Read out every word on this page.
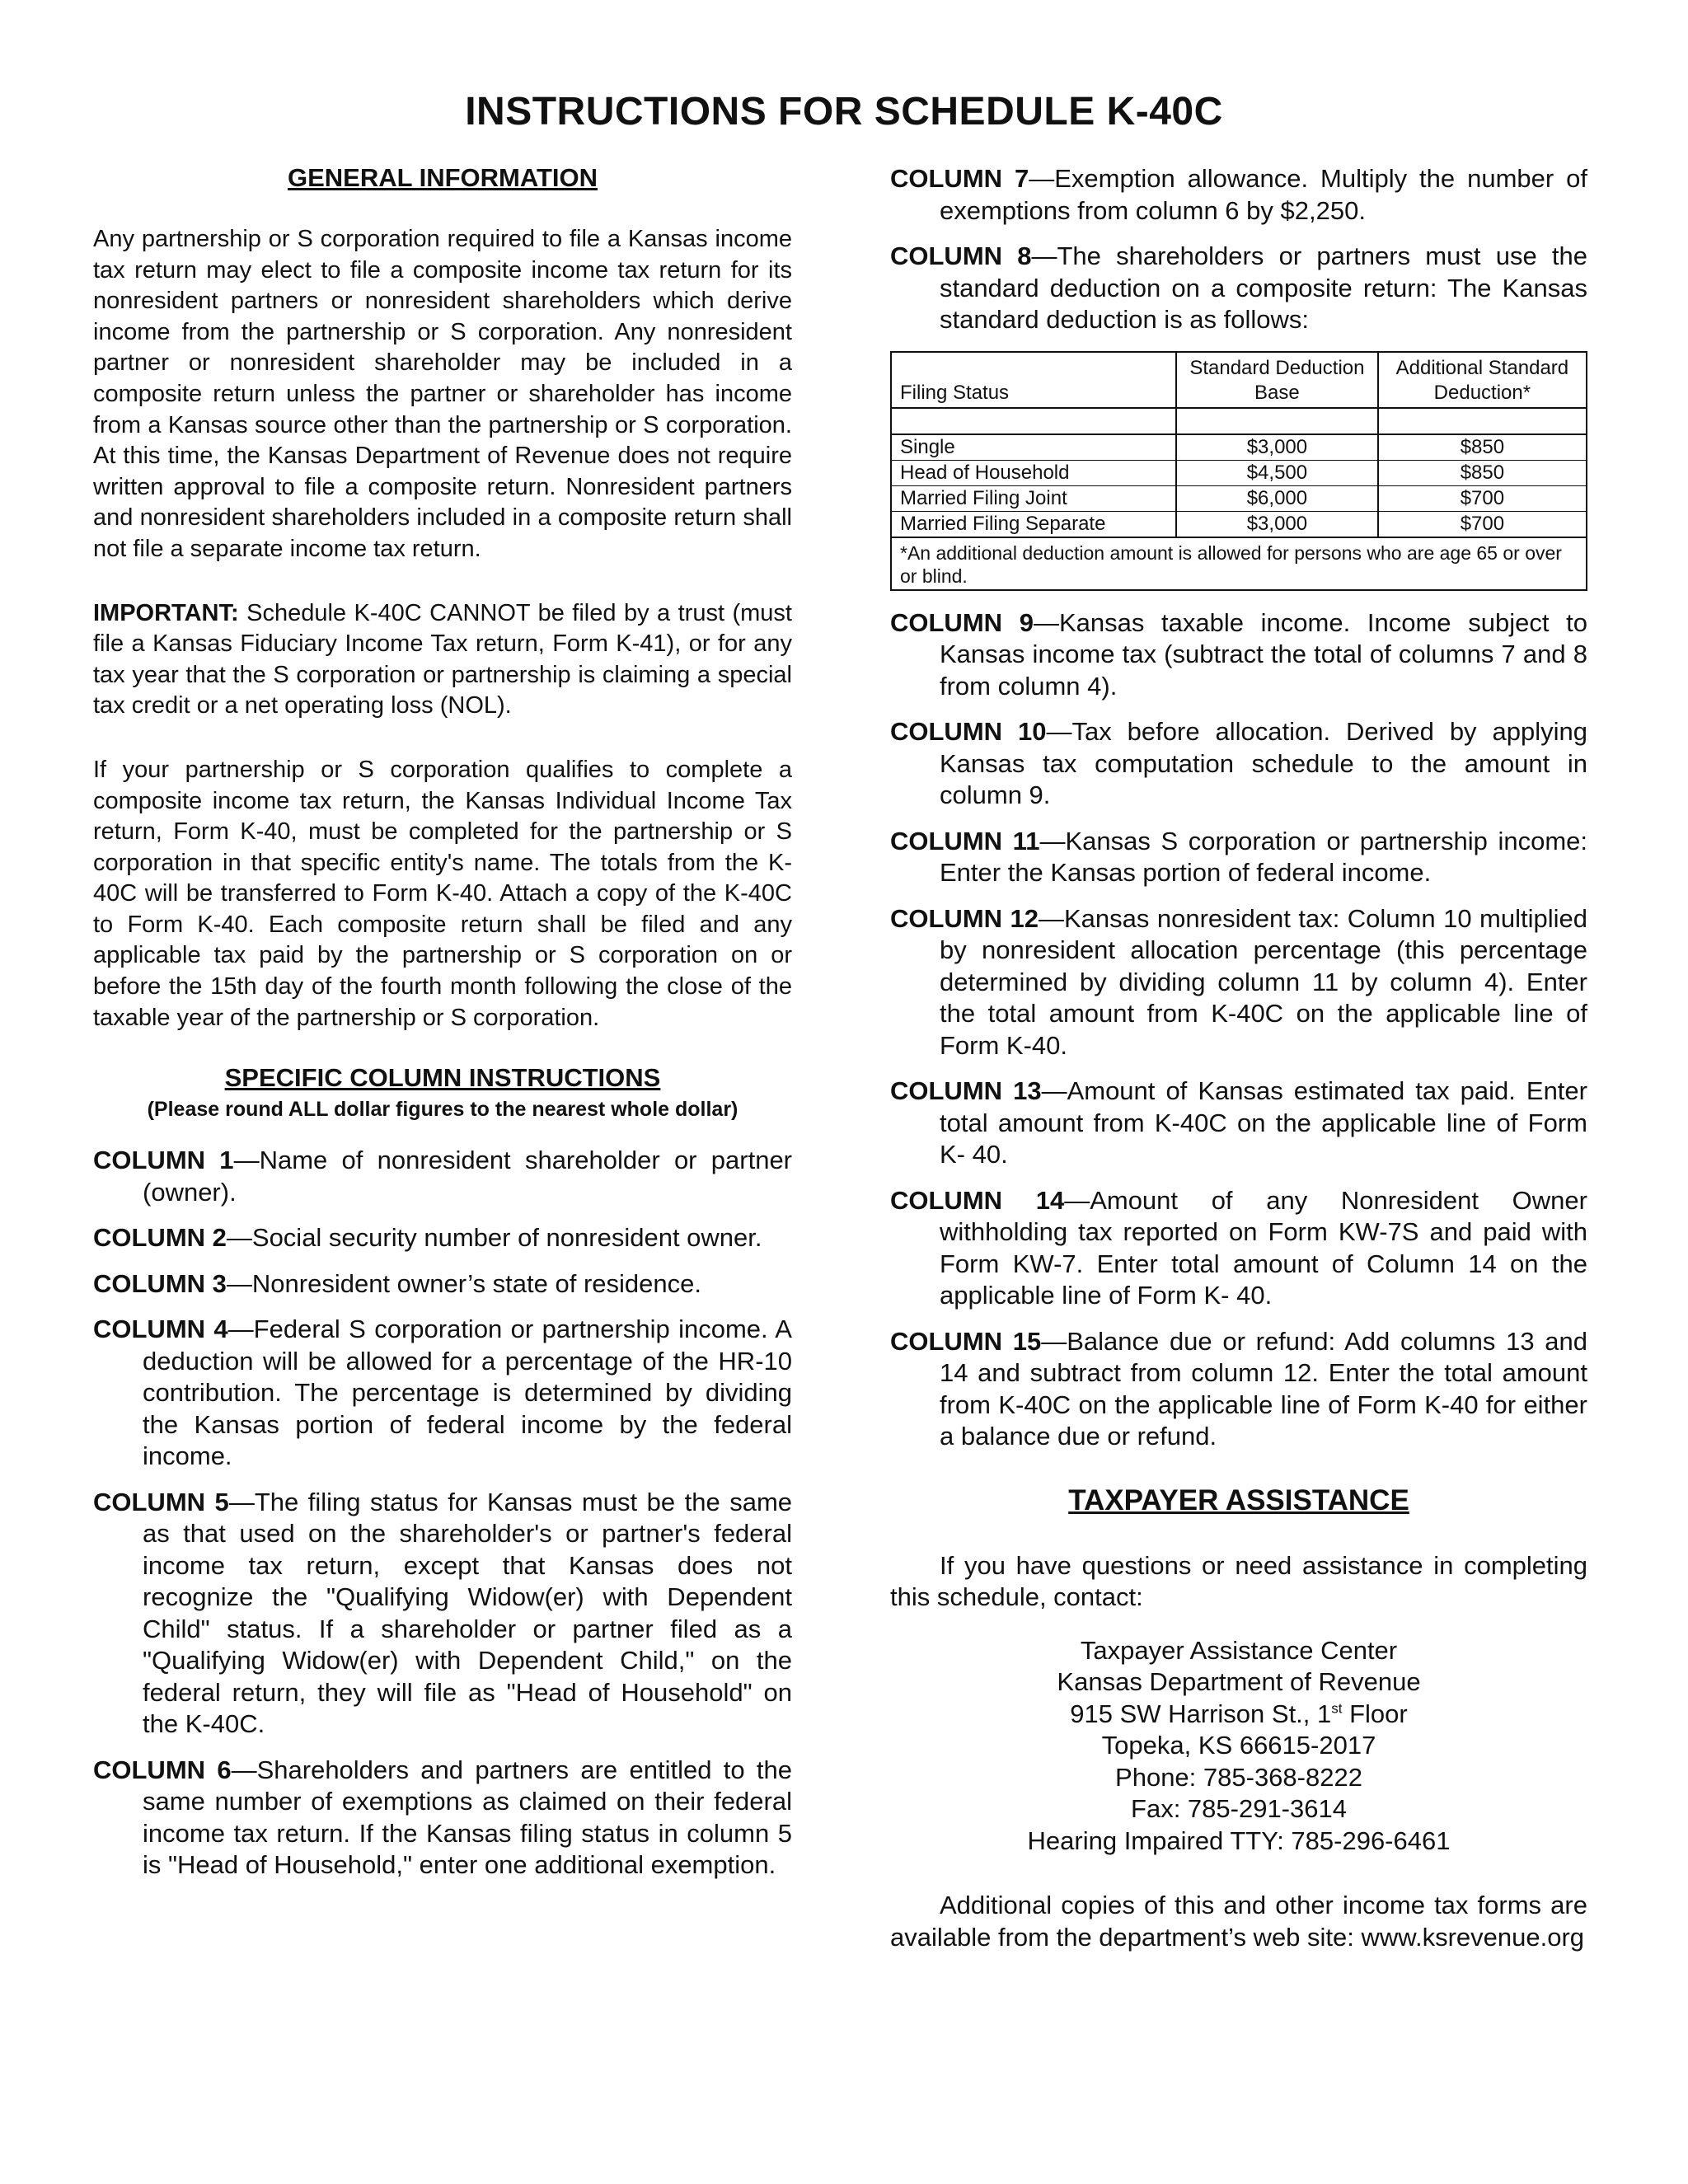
INSTRUCTIONS FOR SCHEDULE K-40C
GENERAL INFORMATION

Any partnership or S corporation required to file a Kansas income tax return may elect to file a composite income tax return for its nonresident partners or nonresident shareholders which derive income from the partnership or S corporation. Any nonresident partner or nonresident shareholder may be included in a composite return unless the partner or shareholder has income from a Kansas source other than the partnership or S corporation. At this time, the Kansas Department of Revenue does not require written approval to file a composite return. Nonresident partners and nonresident shareholders included in a composite return shall not file a separate income tax return.

IMPORTANT: Schedule K-40C CANNOT be filed by a trust (must file a Kansas Fiduciary Income Tax return, Form K-41), or for any tax year that the S corporation or partnership is claiming a special tax credit or a net operating loss (NOL).

If your partnership or S corporation qualifies to complete a composite income tax return, the Kansas Individual Income Tax return, Form K-40, must be completed for the partnership or S corporation in that specific entity's name. The totals from the K-40C will be transferred to Form K-40. Attach a copy of the K-40C to Form K-40. Each composite return shall be filed and any applicable tax paid by the partnership or S corporation on or before the 15th day of the fourth month following the close of the taxable year of the partnership or S corporation.

SPECIFIC COLUMN INSTRUCTIONS
(Please round ALL dollar figures to the nearest whole dollar)

COLUMN 1—Name of nonresident shareholder or partner (owner).

COLUMN 2—Social security number of nonresident owner.

COLUMN 3—Nonresident owner’s state of residence.

COLUMN 4—Federal S corporation or partnership income. A deduction will be allowed for a percentage of the HR-10 contribution. The percentage is determined by dividing the Kansas portion of federal income by the federal income.

COLUMN 5—The filing status for Kansas must be the same as that used on the shareholder's or partner's federal income tax return, except that Kansas does not recognize the "Qualifying Widow(er) with Dependent Child" status. If a shareholder or partner filed as a "Qualifying Widow(er) with Dependent Child," on the federal return, they will file as "Head of Household" on the K-40C.

COLUMN 6—Shareholders and partners are entitled to the same number of exemptions as claimed on their federal income tax return. If the Kansas filing status in column 5 is "Head of Household," enter one additional exemption.

COLUMN 7—Exemption allowance. Multiply the number of exemptions from column 6 by $2,250.

COLUMN 8—The shareholders or partners must use the standard deduction on a composite return: The Kansas standard deduction is as follows:

Filing Status	Standard Deduction Base	Additional Standard Deduction*

Single	$3,000	$850
Head of Household	$4,500	$850
Married Filing Joint	$6,000	$700
Married Filing Separate	$3,000	$700
*An additional deduction amount is allowed for persons who are age 65 or over or blind.		

COLUMN 9—Kansas taxable income. Income subject to Kansas income tax (subtract the total of columns 7 and 8 from column 4).

COLUMN 10—Tax before allocation. Derived by applying Kansas tax computation schedule to the amount in column 9.

COLUMN 11—Kansas S corporation or partnership income: Enter the Kansas portion of federal income.

COLUMN 12—Kansas nonresident tax: Column 10 multiplied by nonresident allocation percentage (this percentage determined by dividing column 11 by column 4). Enter the total amount from K-40C on the applicable line of Form K-40.

COLUMN 13—Amount of Kansas estimated tax paid. Enter total amount from K-40C on the applicable line of Form K- 40.

COLUMN 14—Amount of any Nonresident Owner withholding tax reported on Form KW-7S and paid with Form KW-7. Enter total amount of Column 14 on the applicable line of Form K- 40.

COLUMN 15—Balance due or refund: Add columns 13 and 14 and subtract from column 12. Enter the total amount from K-40C on the applicable line of Form K-40 for either a balance due or refund.

TAXPAYER ASSISTANCE

If you have questions or need assistance in completing this schedule, contact:

Taxpayer Assistance Center
Kansas Department of Revenue
915 SW Harrison St., 1st Floor
Topeka, KS 66615-2017
Phone: 785-368-8222
Fax: 785-291-3614
Hearing Impaired TTY: 785-296-6461

Additional copies of this and other income tax forms are available from the department’s web site: www.ksrevenue.org
